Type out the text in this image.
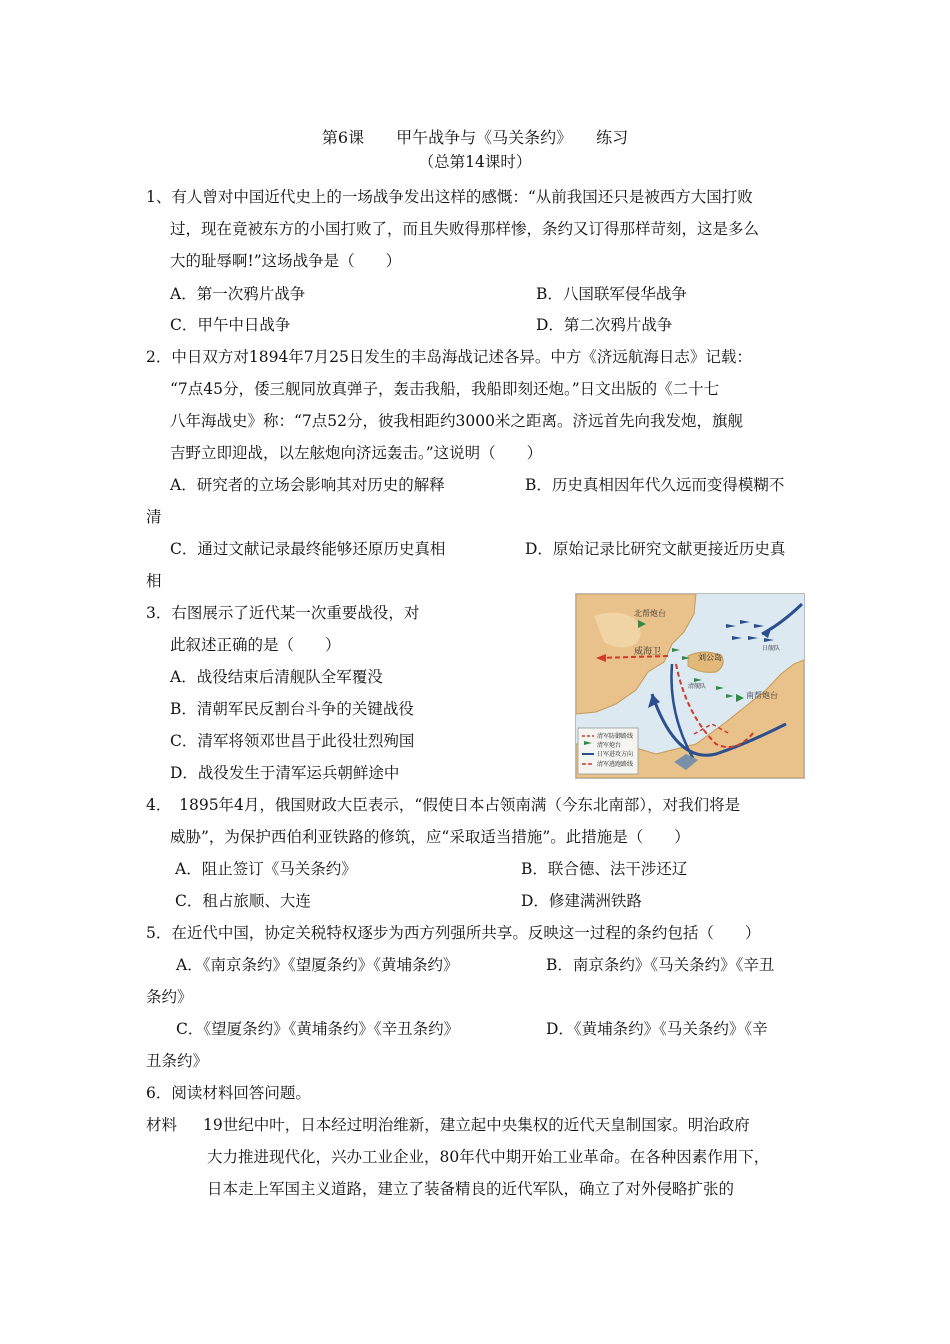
第6课　　甲午战争与《马关条约》　　练习
（总第14课时）
1、有人曾对中国近代史上的一场战争发出这样的感慨：“从前我国还只是被西方大国打败
过，现在竟被东方的小国打败了，而且失败得那样惨，条约又订得那样苛刻，这是多么
大的耻辱啊!”这场战争是（　　）
A．第一次鸦片战争	B．八国联军侵华战争
C．甲午中日战争	D．第二次鸦片战争
2．中日双方对1894年7月25日发生的丰岛海战记述各异。中方《济远航海日志》记载：
“7点45分，倭三舰同放真弹子，轰击我船，我船即刻还炮。”日文出版的《二十七
八年海战史》称：“7点52分，彼我相距约3000米之距离。济远首先向我发炮，旗舰
吉野立即迎战，以左舷炮向济远轰击。”这说明（　　）
A．研究者的立场会影响其对历史的解释	B．历史真相因年代久远而变得模糊不
清
C．通过文献记录最终能够还原历史真相	D．原始记录比研究文献更接近历史真
相
3．右图展示了近代某一次重要战役，对
此叙述正确的是（　　）
A．战役结束后清舰队全军覆没
B．清朝军民反割台斗争的关键战役
C．清军将领邓世昌于此役壮烈殉国
D．战役发生于清军运兵朝鲜途中
北帮炮台
威海卫
刘公岛
日舰队
清舰队
南帮炮台
清军防御路线
清军炮台
日军进攻方向
清军逃跑路线
4．　1895年4月，俄国财政大臣表示，“假使日本占领南满（今东北南部），对我们将是
威胁”，为保护西伯利亚铁路的修筑，应“采取适当措施”。此措施是（　　）
A．阻止签订《马关条约》	B．联合德、法干涉还辽
C．租占旅顺、大连	D．修建满洲铁路
5．在近代中国，协定关税特权逐步为西方列强所共享。反映这一过程的条约包括（　　）
A．《南京条约》《望厦条约》《黄埔条约》	B．南京条约》《马关条约》《辛丑
条约》
C．《望厦条约》《黄埔条约》《辛丑条约》	D．《黄埔条约》《马关条约》《辛
丑条约》
6．阅读材料回答问题。
材料 19世纪中叶，日本经过明治维新，建立起中央集权的近代天皇制国家。明治政府
大力推进现代化，兴办工业企业，80年代中期开始工业革命。在各种因素作用下，
日本走上军国主义道路，建立了装备精良的近代军队，确立了对外侵略扩张的
